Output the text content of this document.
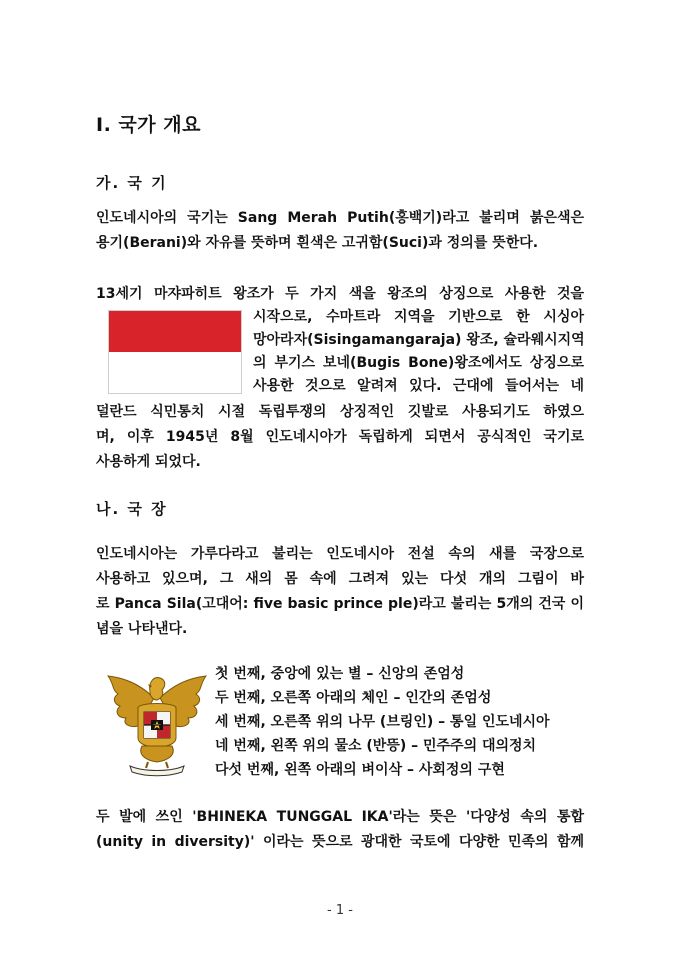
I. 국가 개요
가. 국 기
인도네시아의 국기는 Sang Merah Putih(홍백기)라고 불리며 붉은색은
용기(Berani)와 자유를 뜻하며 흰색은 고귀함(Suci)과 정의를 뜻한다.
13세기 마쟈파히트 왕조가 두 가지 색을 왕조의 상징으로 사용한 것을
시작으로, 수마트라 지역을 기반으로 한 시싱아
망아라자(Sisingamangaraja) 왕조, 슐라웨시지역
의 부기스 보네(Bugis Bone)왕조에서도 상징으로
사용한 것으로 알려져 있다. 근대에 들어서는 네
덜란드 식민통치 시절 독립투쟁의 상징적인 깃발로 사용되기도 하였으
며, 이후 1945년 8월 인도네시아가 독립하게 되면서 공식적인 국기로
사용하게 되었다.
나. 국 장
인도네시아는 가루다라고 불리는 인도네시아 전설 속의 새를 국장으로
사용하고 있으며, 그 새의 몸 속에 그려져 있는 다섯 개의 그림이 바
로 Panca Sila(고대어: five basic prince ple)라고 불리는 5개의 건국 이
념을 나타낸다.
첫 번째, 중앙에 있는 별 – 신앙의 존엄성
두 번째, 오른쪽 아래의 체인 – 인간의 존엄성
세 번째, 오른쪽 위의 나무 (브링인) – 통일 인도네시아
네 번째, 왼쪽 위의 물소 (반뜽) – 민주주의 대의정치
다섯 번째, 왼쪽 아래의 벼이삭 – 사회정의 구현
두 발에 쓰인 'BHINEKA TUNGGAL IKA'라는 뜻은 '다양성 속의 통합
(unity in diversity)' 이라는 뜻으로 광대한 국토에 다양한 민족의 함께
- 1 -
